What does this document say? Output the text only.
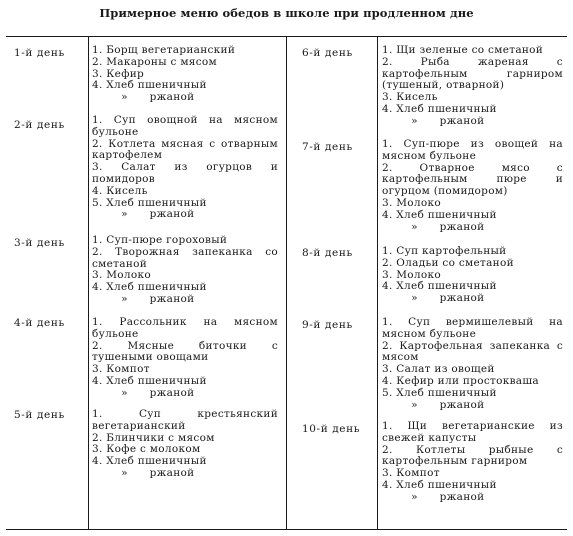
Примерное меню обедов в школе при продленном дне
1-й день	1. Борщ вегетарианский
2. Макароны с мясом
3. Кефир
4. Хлеб пшеничный
»      ржаной
2-й день	1. Суп овощной на мясном бульоне
2. Котлета мясная с отварным картофелем
3. Салат из огурцов и помидоров
4. Кисель
5. Хлеб пшеничный
»      ржаной
3-й день	1. Суп-пюре гороховый
2. Творожная запеканка со сметаной
3. Молоко
4. Хлеб пшеничный
»      ржаной
4-й день	1. Рассольник на мясном бульоне
2. Мясные биточки с тушеными овощами
3. Компот
4. Хлеб пшеничный
»      ржаной
5-й день	1. Суп крестьянский вегетарианский
2. Блинчики с мясом
3. Кофе с молоком
4. Хлеб пшеничный
»      ржаной
6-й день	1. Щи зеленые со сметаной
2. Рыба жареная с картофельным гарниром (тушеный, отварной)
3. Кисель
4. Хлеб пшеничный
»      ржаной
7-й день	1. Суп-пюре из овощей на мясном бульоне
2. Отварное мясо с картофельным пюре и огурцом (помидором)
3. Молоко
4. Хлеб пшеничный
»      ржаной
8-й день	1. Суп картофельный
2. Оладьи со сметаной
3. Молоко
4. Хлеб пшеничный
»      ржаной
9-й день	1. Суп вермишелевый на мясном бульоне
2. Картофельная запеканка с мясом
3. Салат из овощей
4. Кефир или простокваша
5. Хлеб пшеничный
»      ржаной
10-й день 1. Щи вегетарианские из свежей капусты
2. Котлеты рыбные с картофельным гарниром
3. Компот
4. Хлеб пшеничный
»      ржаной
